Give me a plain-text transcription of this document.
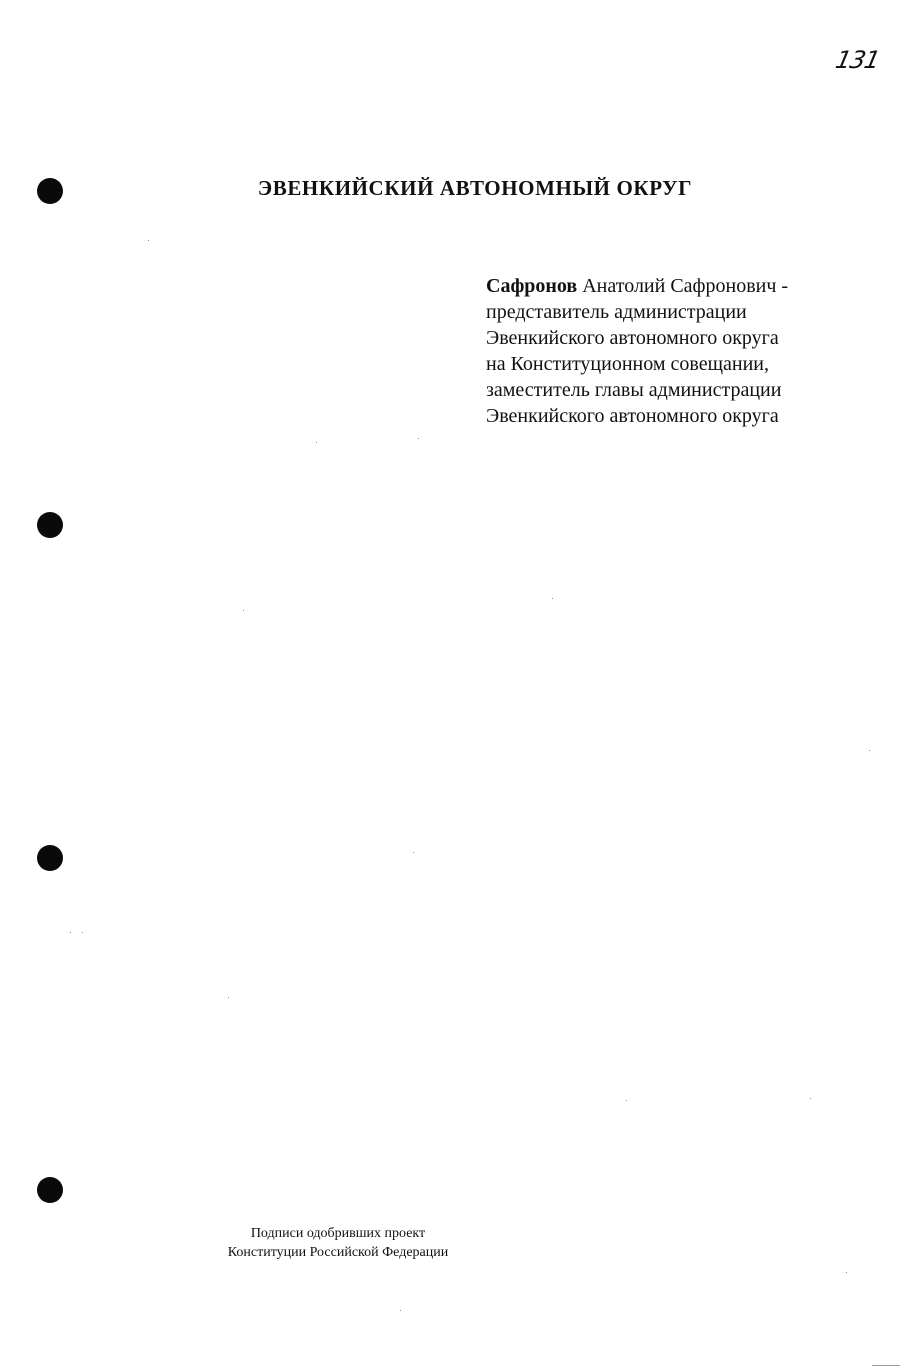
131
ЭВЕНКИЙСКИЙ АВТОНОМНЫЙ ОКРУГ
Сафронов Анатолий Сафронович -
представитель администрации
Эвенкийского автономного округа
на Конституционном совещании,
заместитель главы администрации
Эвенкийского автономного округа
Подписи одобривших проект
Конституции Российской Федерации
